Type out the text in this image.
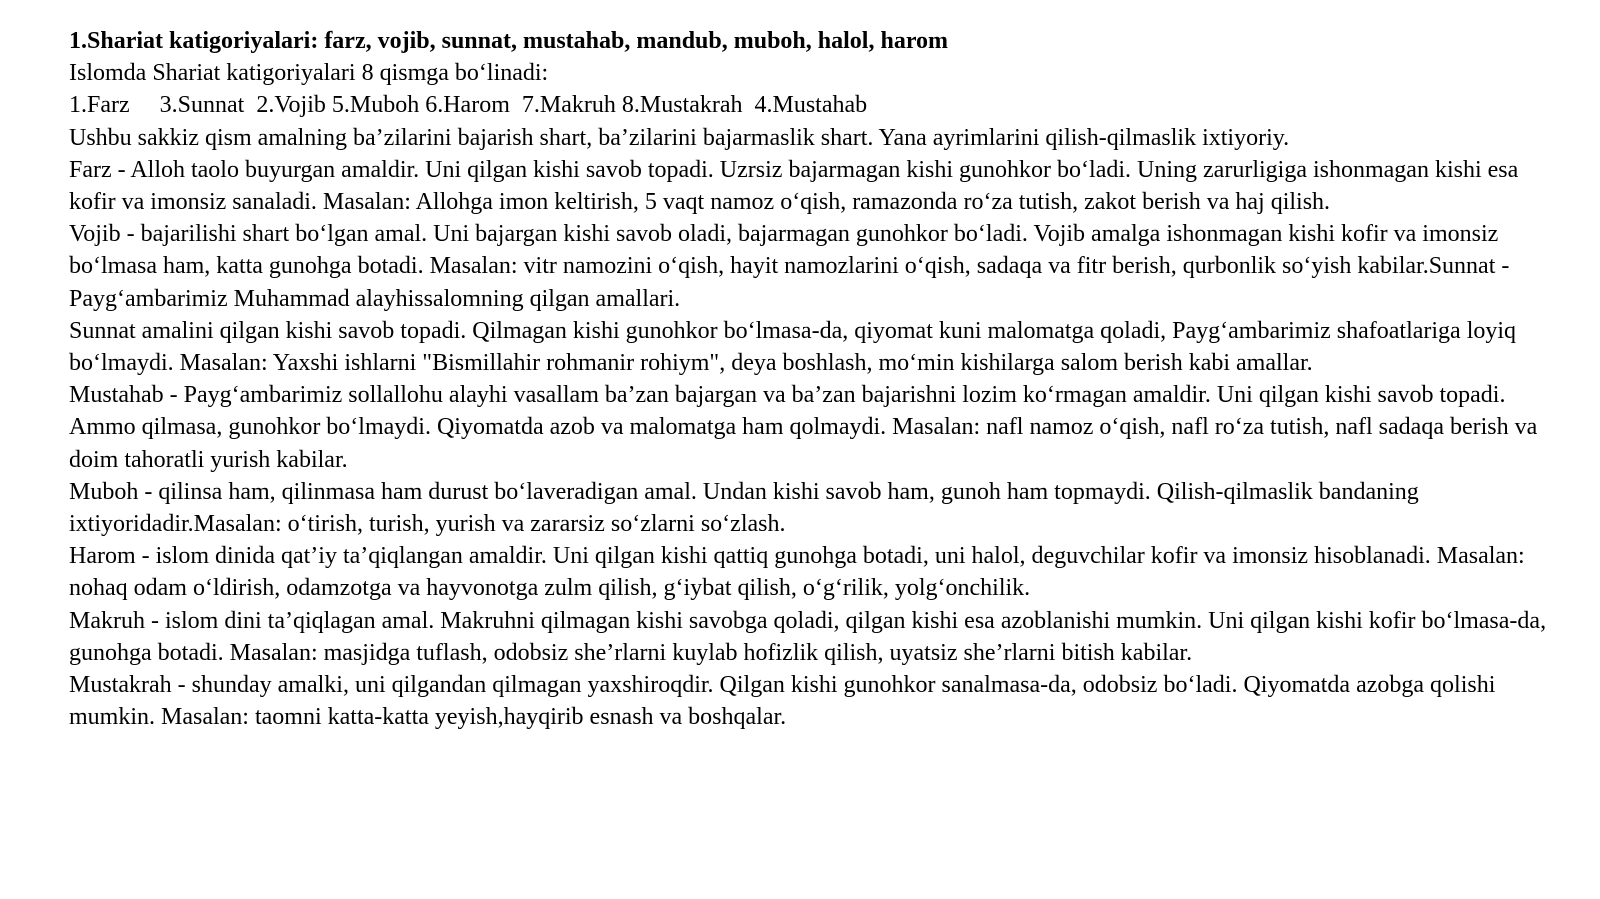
1.Shariat katigoriyalari: farz, vojib, sunnat, mustahab, mandub, muboh, halol, harom

Islomda Shariat katigoriyalari 8 qismga boʻlinadi:

1.Farz     3.Sunnat  2.Vojib 5.Muboh 6.Harom  7.Makruh 8.Mustakrah  4.Mustahab

Ushbu sakkiz qism amalning ba’zilarini bajarish shart, ba’zilarini bajarmaslik shart. Yana ayrimlarini qilish-qilmaslik ixtiyoriy.

Farz - Alloh taolo buyurgan amaldir. Uni qilgan kishi savob topadi. Uzrsiz bajarmagan kishi gunohkor boʻladi. Uning zarurligiga ishonmagan kishi esa kofir va imonsiz sanaladi. Masalan: Allohga imon keltirish, 5 vaqt namoz oʻqish, ramazonda roʻza tutish, zakot berish va haj qilish.

Vojib - bajarilishi shart boʻlgan amal. Uni bajargan kishi savob oladi, bajarmagan gunohkor boʻladi. Vojib amalga ishonmagan kishi kofir va imonsiz boʻlmasa ham, katta gunohga botadi. Masalan: vitr namozini oʻqish, hayit namozlarini oʻqish, sadaqa va fitr berish, qurbonlik soʻyish kabilar.Sunnat - Paygʻambarimiz Muhammad alayhissalomning qilgan amallari.

Sunnat amalini qilgan kishi savob topadi. Qilmagan kishi gunohkor boʻlmasa-da, qiyomat kuni malomatga qoladi, Paygʻambarimiz shafoatlariga loyiq boʻlmaydi. Masalan: Yaxshi ishlarni "Bismillahir rohmanir rohiym", deya boshlash, moʻmin kishilarga salom berish kabi amallar.

Mustahab - Paygʻambarimiz sollallohu alayhi vasallam ba’zan bajargan va ba’zan bajarishni lozim koʻrmagan amaldir. Uni qilgan kishi savob topadi. Ammo qilmasa, gunohkor boʻlmaydi. Qiyomatda azob va malomatga ham qolmaydi. Masalan: nafl namoz oʻqish, nafl roʻza tutish, nafl sadaqa berish va doim tahoratli yurish kabilar.

Muboh - qilinsa ham, qilinmasa ham durust boʻlaveradigan amal. Undan kishi savob ham, gunoh ham topmaydi. Qilish-qilmaslik bandaning ixtiyoridadir.Masalan: oʻtirish, turish, yurish va zararsiz soʻzlarni soʻzlash.

Harom - islom dinida qat’iy ta’qiqlangan amaldir. Uni qilgan kishi qattiq gunohga botadi, uni halol, deguvchilar kofir va imonsiz hisoblanadi. Masalan: nohaq odam oʻldirish, odamzotga va hayvonotga zulm qilish, gʻiybat qilish, oʻgʻrilik, yolgʻonchilik.

Makruh - islom dini ta’qiqlagan amal. Makruhni qilmagan kishi savobga qoladi, qilgan kishi esa azoblanishi mumkin. Uni qilgan kishi kofir boʻlmasa-da, gunohga botadi. Masalan: masjidga tuflash, odobsiz she’rlarni kuylab hofizlik qilish, uyatsiz she’rlarni bitish kabilar.

Mustakrah - shunday amalki, uni qilgandan qilmagan yaxshiroqdir. Qilgan kishi gunohkor sanalmasa-da, odobsiz boʻladi. Qiyomatda azobga qolishi mumkin. Masalan: taomni katta-katta yeyish,hayqirib esnash va boshqalar.
